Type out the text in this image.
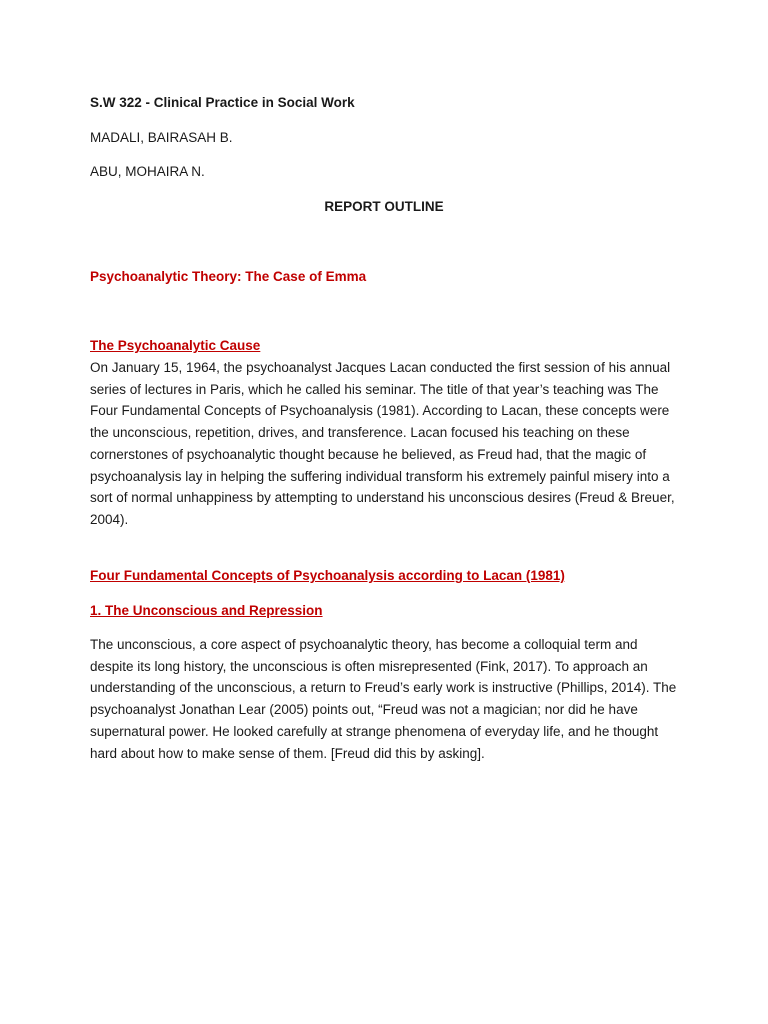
S.W 322 - Clinical Practice in Social Work
MADALI, BAIRASAH B.
ABU, MOHAIRA N.
REPORT OUTLINE
Psychoanalytic Theory: The Case of Emma
The Psychoanalytic Cause
On January 15, 1964, the psychoanalyst Jacques Lacan conducted the first session of his annual series of lectures in Paris, which he called his seminar. The title of that year’s teaching was The Four Fundamental Concepts of Psychoanalysis (1981). According to Lacan, these concepts were the unconscious, repetition, drives, and transference. Lacan focused his teaching on these cornerstones of psychoanalytic thought because he believed, as Freud had, that the magic of psychoanalysis lay in helping the suffering individual transform his extremely painful misery into a sort of normal unhappiness by attempting to understand his unconscious desires (Freud & Breuer, 2004).
Four Fundamental Concepts of Psychoanalysis according to Lacan (1981)
1. The Unconscious and Repression
The unconscious, a core aspect of psychoanalytic theory, has become a colloquial term and despite its long history, the unconscious is often misrepresented (Fink, 2017). To approach an understanding of the unconscious, a return to Freud’s early work is instructive (Phillips, 2014). The psychoanalyst Jonathan Lear (2005) points out, “Freud was not a magician; nor did he have supernatural power. He looked carefully at strange phenomena of everyday life, and he thought hard about how to make sense of them. [Freud did this by asking].
